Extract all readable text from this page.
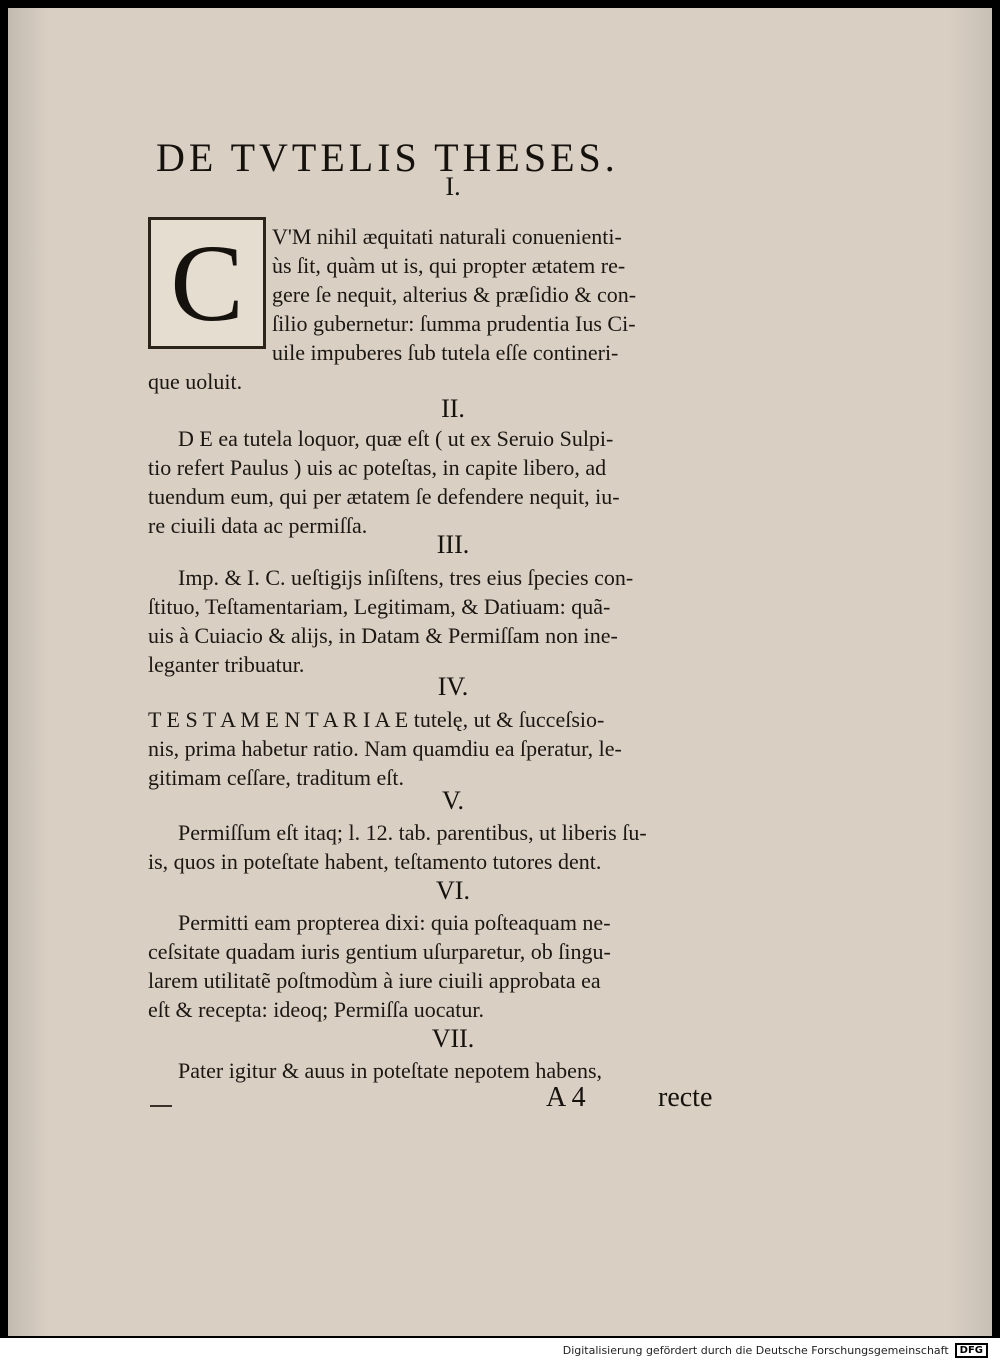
DE TVTELIS THESES.
I.
C	V'M nihil æquitati naturali conuenienti-
ùs ſit, quàm ut is, qui propter ætatem re-
gere ſe nequit, alterius & præſidio & con-
ſilio gubernetur: ſumma prudentia Ius Ci-
uile impuberes ſub tutela eſſe contineri-
que uoluit.
II.
D E ea tutela loquor, quæ eſt ( ut ex Seruio Sulpi-
tio refert Paulus ) uis ac poteſtas, in capite libero, ad
tuendum eum, qui per ætatem ſe defendere nequit, iu-
re ciuili data ac permiſſa.
III.
Imp. & I. C. ueſtigijs inſiſtens, tres eius ſpecies con-
ſtituo, Teſtamentariam, Legitimam, & Datiuam: quã-
uis à Cuiacio & alijs, in Datam & Permiſſam non ine-
leganter tribuatur.
IV.
T E S T A M E N T A R I A E tutelę, ut & ſucceſsio-
nis, prima habetur ratio. Nam quamdiu ea ſperatur, le-
gitimam ceſſare, traditum eſt.
V.
Permiſſum eſt itaq; l. 12. tab. parentibus, ut liberis ſu-
is, quos in poteſtate habent, teſtamento tutores dent.
VI.
Permitti eam propterea dixi: quia poſteaquam ne-
ceſsitate quadam iuris gentium uſurparetur, ob ſingu-
larem utilitatẽ poſtmodùm à iure ciuili approbata ea
eſt & recepta: ideoq; Permiſſa uocatur.
VII.
Pater igitur & auus in poteſtate nepotem habens,
A 4	recte
Digitalisierung gefördert durch die Deutsche Forschungsgemeinschaft	DFG
